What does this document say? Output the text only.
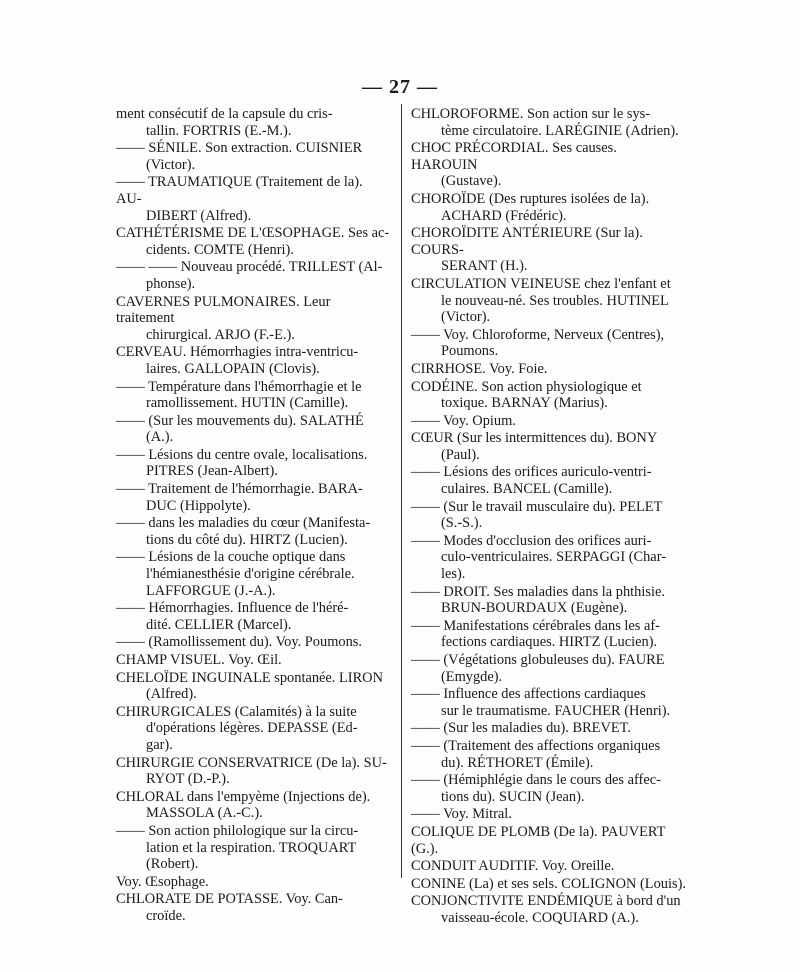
— 27 —
ment consécutif de la capsule du cris-
tallin. FORTRIS (E.-M.).
—— SÉNILE. Son extraction. CUISNIER
(Victor).
—— TRAUMATIQUE (Traitement de la). AU-
DIBERT (Alfred).
CATHÉTÉRISME DE L'ŒSOPHAGE. Ses ac-
cidents. COMTE (Henri).
—— —— Nouveau procédé. TRILLEST (Al-
phonse).
CAVERNES PULMONAIRES. Leur traitement
chirurgical. ARJO (F.-E.).
CERVEAU. Hémorrhagies intra-ventricu-
laires. GALLOPAIN (Clovis).
—— Température dans l'hémorrhagie et le
ramollissement. HUTIN (Camille).
—— (Sur les mouvements du). SALATHÉ
(A.).
—— Lésions du centre ovale, localisations.
PITRES (Jean-Albert).
—— Traitement de l'hémorrhagie. BARA-
DUC (Hippolyte).
—— dans les maladies du cœur (Manifesta-
tions du côté du). HIRTZ (Lucien).
—— Lésions de la couche optique dans
l'hémianesthésie d'origine cérébrale.
LAFFORGUE (J.-A.).
—— Hémorrhagies. Influence de l'héré-
dité. CELLIER (Marcel).
—— (Ramollissement du). Voy. Poumons.
CHAMP VISUEL. Voy. Œil.
CHELOÏDE INGUINALE spontanée. LIRON
(Alfred).
CHIRURGICALES (Calamités) à la suite
d'opérations légères. DEPASSE (Ed-
gar).
CHIRURGIE CONSERVATRICE (De la). SU-
RYOT (D.-P.).
CHLORAL dans l'empyème (Injections de).
MASSOLA (A.-C.).
—— Son action philologique sur la circu-
lation et la respiration. TROQUART
(Robert).
Voy. Œsophage.
CHLORATE DE POTASSE. Voy. Can-
croïde.
CHLOROFORME. Son action sur le sys-
tème circulatoire. LARÉGINIE (Adrien).
CHOC PRÉCORDIAL. Ses causes. HAROUIN
(Gustave).
CHOROÏDE (Des ruptures isolées de la).
ACHARD (Frédéric).
CHOROÏDITE ANTÉRIEURE (Sur la). COURS-
SERANT (H.).
CIRCULATION VEINEUSE chez l'enfant et
le nouveau-né. Ses troubles. HUTINEL
(Victor).
—— Voy. Chloroforme, Nerveux (Centres),
Poumons.
CIRRHOSE. Voy. Foie.
CODÉINE. Son action physiologique et
toxique. BARNAY (Marius).
—— Voy. Opium.
CŒUR (Sur les intermittences du). BONY
(Paul).
—— Lésions des orifices auriculo-ventri-
culaires. BANCEL (Camille).
—— (Sur le travail musculaire du). PELET
(S.-S.).
—— Modes d'occlusion des orifices auri-
culo-ventriculaires. SERPAGGI (Char-
les).
—— DROIT. Ses maladies dans la phthisie.
BRUN-BOURDAUX (Eugène).
—— Manifestations cérébrales dans les af-
fections cardiaques. HIRTZ (Lucien).
—— (Végétations globuleuses du). FAURE
(Emygde).
—— Influence des affections cardiaques
sur le traumatisme. FAUCHER (Henri).
—— (Sur les maladies du). BREVET.
—— (Traitement des affections organiques
du). RÉTHORET (Émile).
—— (Hémiphlégie dans le cours des affec-
tions du). SUCIN (Jean).
—— Voy. Mitral.
COLIQUE DE PLOMB (De la). PAUVERT (G.).
CONDUIT AUDITIF. Voy. Oreille.
CONINE (La) et ses sels. COLIGNON (Louis).
CONJONCTIVITE ENDÉMIQUE à bord d'un
vaisseau-école. COQUIARD (A.).
